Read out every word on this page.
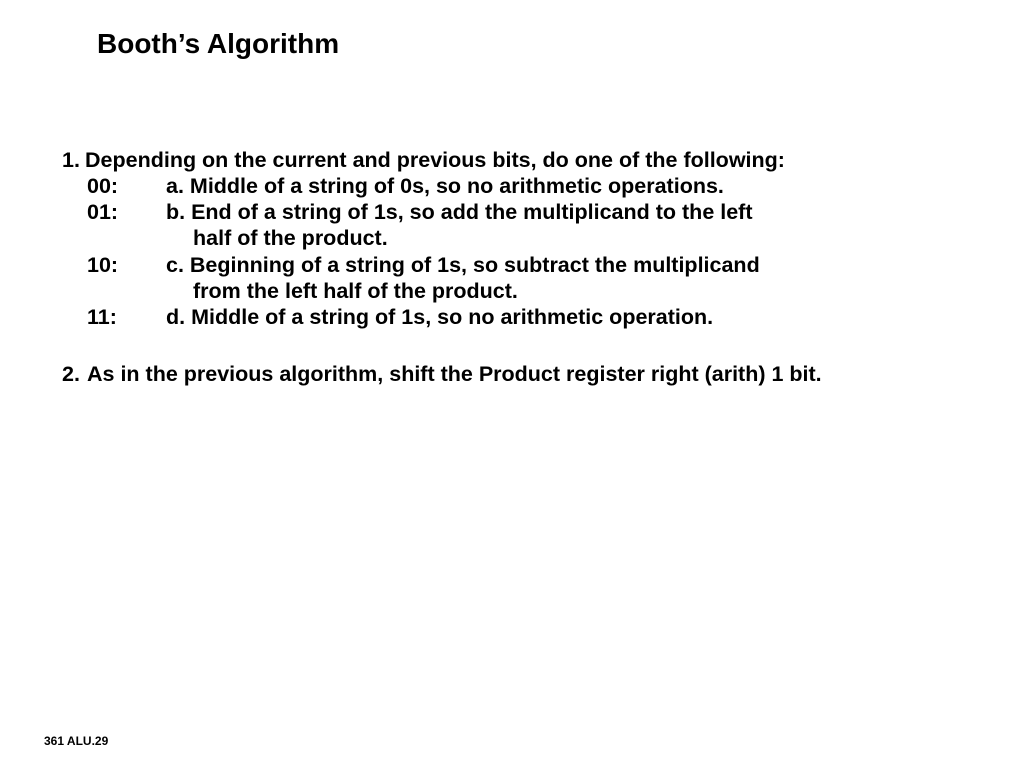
Booth’s Algorithm
1. Depending on the current and previous bits, do one of the following:
00: a. Middle of a string of 0s, so no arithmetic operations.
01: b. End of a string of 1s, so add the multiplicand to the left
half of the product.
10: c. Beginning of a string of 1s, so subtract the multiplicand
from the left half of the product.
11: d. Middle of a string of 1s, so no arithmetic operation.
2. As in the previous algorithm, shift the Product register right (arith) 1 bit.
361 ALU.29
